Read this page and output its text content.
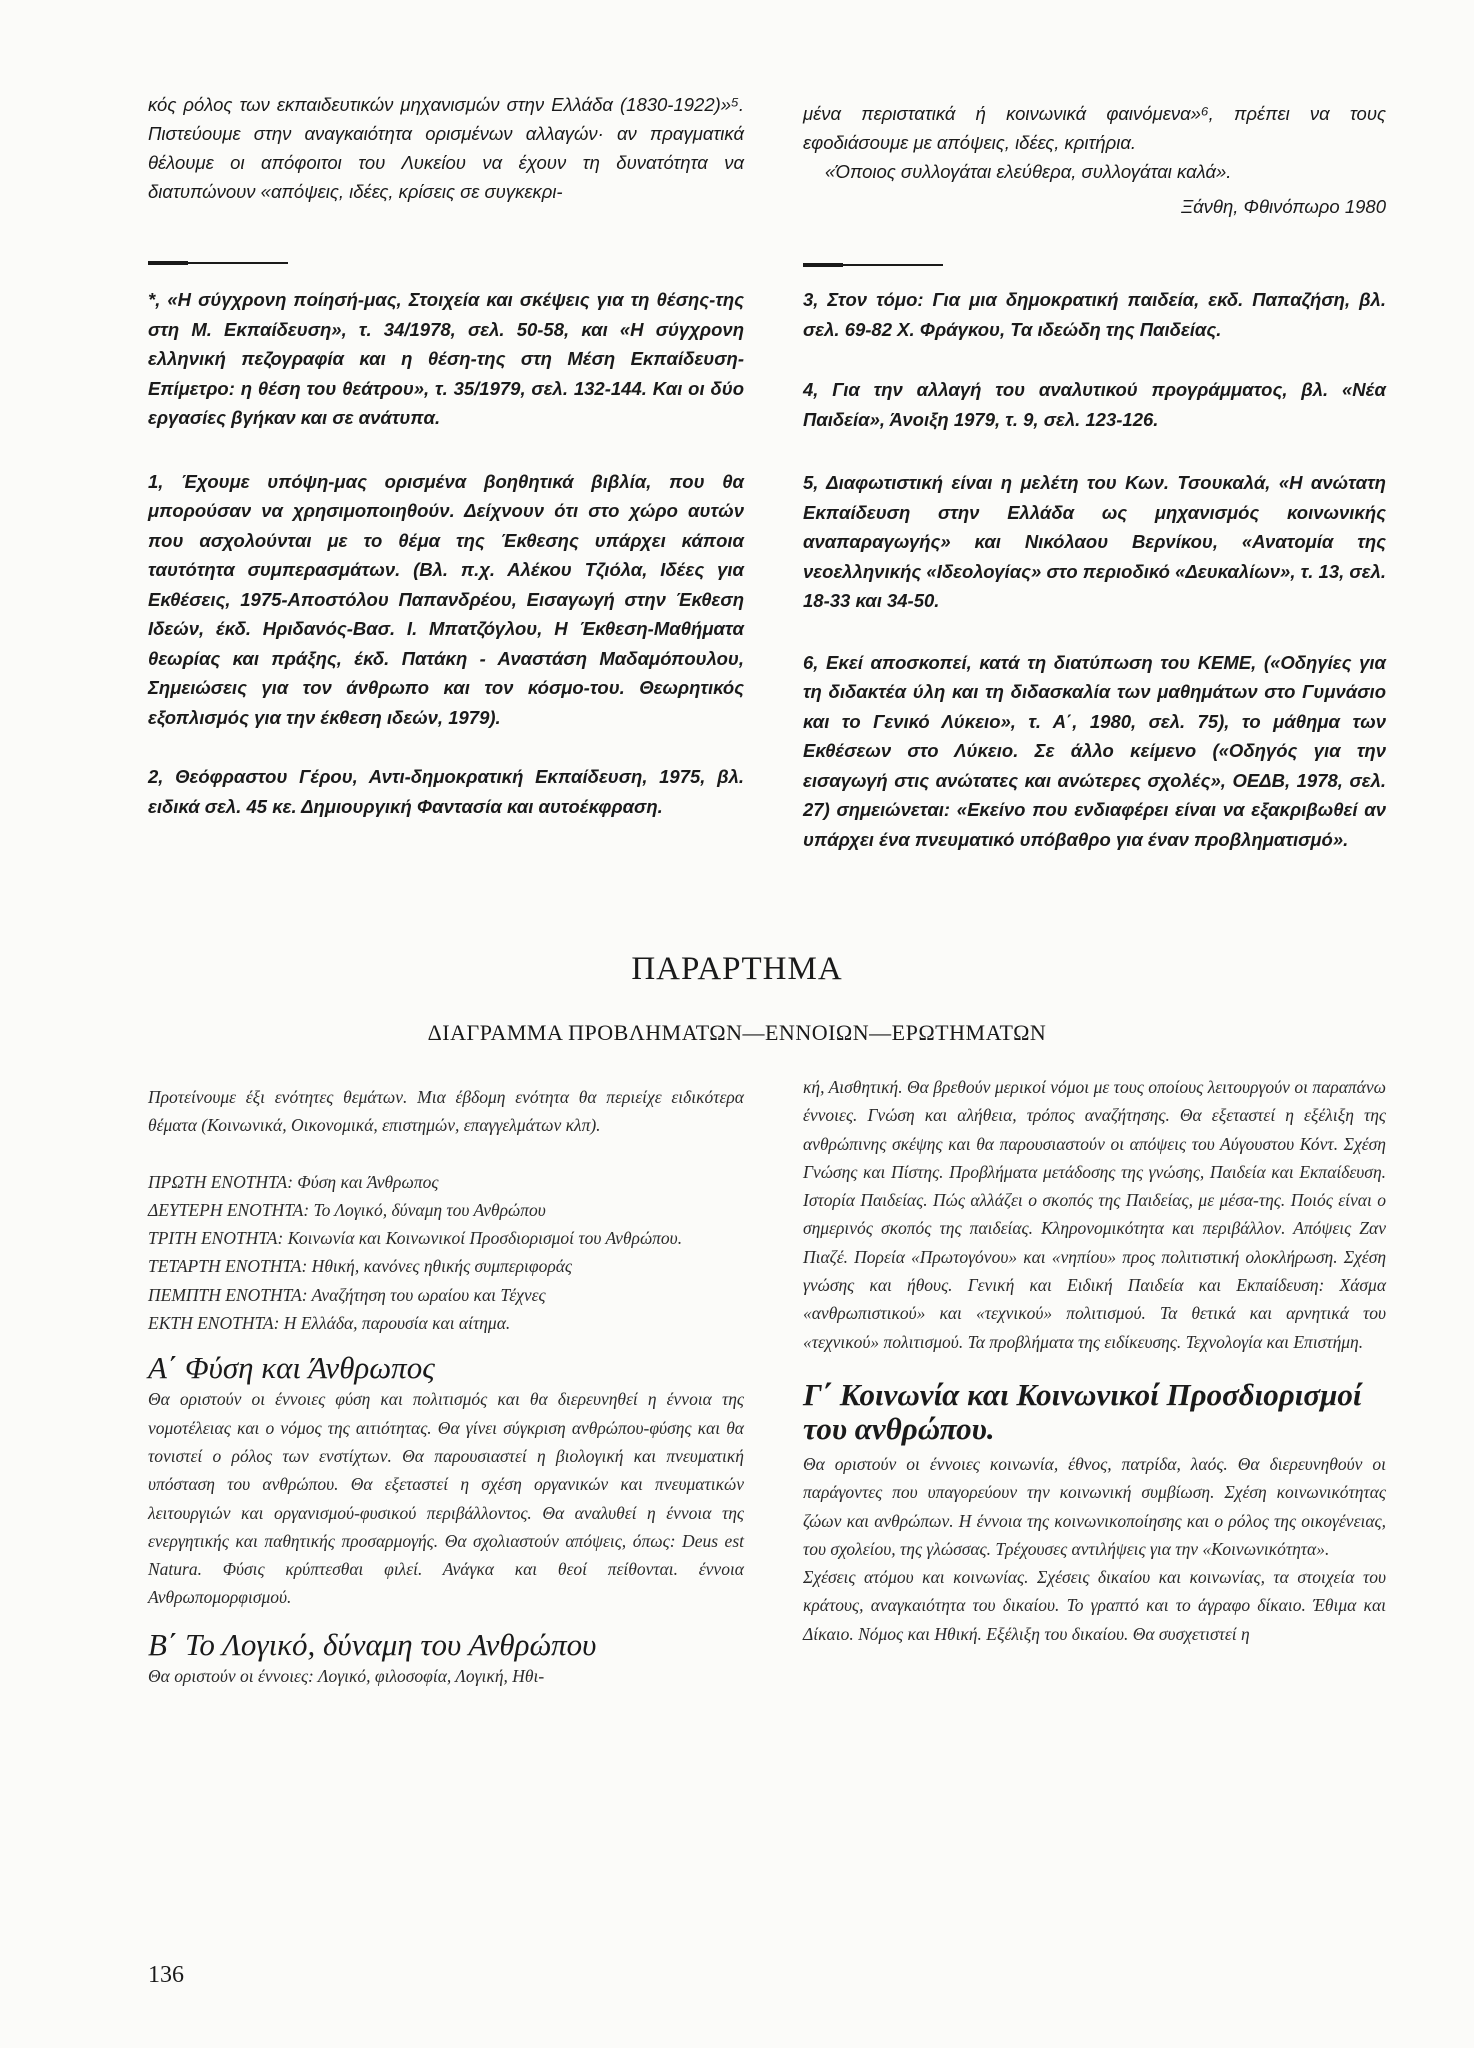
κός ρόλος των εκπαιδευτικών μηχανισμών στην Ελλάδα (1830-1922)»⁵. Πιστεύουμε στην αναγκαιότητα ορισμένων αλλαγών· αν πραγματικά θέλουμε οι απόφοιτοι του Λυκείου να έχουν τη δυνατότητα να διατυπώνουν «απόψεις, ιδέες, κρίσεις σε συγκεκρι-

μένα περιστατικά ή κοινωνικά φαινόμενα»⁶, πρέπει να τους εφοδιάσουμε με απόψεις, ιδέες, κριτήρια.

«Όποιος συλλογάται ελεύθερα, συλλογάται καλά».

Ξάνθη, Φθινόπωρο 1980

*, «Η σύγχρονη ποίησή-μας, Στοιχεία και σκέψεις για τη θέσης-της στη Μ. Εκπαίδευση», τ. 34/1978, σελ. 50-58, και «Η σύγχρονη ελληνική πεζογραφία και η θέση-της στη Μέση Εκπαίδευση-Επίμετρο: η θέση του θεάτρου», τ. 35/1979, σελ. 132-144. Και οι δύο εργασίες βγήκαν και σε ανάτυπα.

1, Έχουμε υπόψη-μας ορισμένα βοηθητικά βιβλία, που θα μπορούσαν να χρησιμοποιηθούν. Δείχνουν ότι στο χώρο αυτών που ασχολούνται με το θέμα της Έκθεσης υπάρχει κάποια ταυτότητα συμπερασμάτων. (Βλ. π.χ. Αλέκου Τζιόλα, Ιδέες για Εκθέσεις, 1975-Αποστόλου Παπανδρέου, Εισαγωγή στην Έκθεση Ιδεών, έκδ. Ηριδανός-Βασ. Ι. Μπατζόγλου, Η Έκθεση-Μαθήματα θεωρίας και πράξης, έκδ. Πατάκη - Αναστάση Μαδαμόπουλου, Σημειώσεις για τον άνθρωπο και τον κόσμο-του. Θεωρητικός εξοπλισμός για την έκθεση ιδεών, 1979).

2, Θεόφραστου Γέρου, Αντι-δημοκρατική Εκπαίδευση, 1975, βλ. ειδικά σελ. 45 κε. Δημιουργική Φαντασία και αυτοέκφραση.

3, Στον τόμο: Για μια δημοκρατική παιδεία, εκδ. Παπαζήση, βλ. σελ. 69-82 Χ. Φράγκου, Τα ιδεώδη της Παιδείας.

4, Για την αλλαγή του αναλυτικού προγράμματος, βλ. «Νέα Παιδεία», Άνοιξη 1979, τ. 9, σελ. 123-126.

5, Διαφωτιστική είναι η μελέτη του Κων. Τσουκαλά, «Η ανώτατη Εκπαίδευση στην Ελλάδα ως μηχανισμός κοινωνικής αναπαραγωγής» και Νικόλαου Βερνίκου, «Ανατομία της νεοελληνικής «Ιδεολογίας» στο περιοδικό «Δευκαλίων», τ. 13, σελ. 18-33 και 34-50.

6, Εκεί αποσκοπεί, κατά τη διατύπωση του ΚΕΜΕ, («Οδηγίες για τη διδακτέα ύλη και τη διδασκαλία των μαθημάτων στο Γυμνάσιο και το Γενικό Λύκειο», τ. Α΄, 1980, σελ. 75), το μάθημα των Εκθέσεων στο Λύκειο. Σε άλλο κείμενο («Οδηγός για την εισαγωγή στις ανώτατες και ανώτερες σχολές», ΟΕΔΒ, 1978, σελ. 27) σημειώνεται: «Εκείνο που ενδιαφέρει είναι να εξακριβωθεί αν υπάρχει ένα πνευματικό υπόβαθρο για έναν προβληματισμό».

ΠΑΡΑΡΤΗΜΑ
ΔΙΑΓΡΑΜΜΑ ΠΡΟΒΛΗΜΑΤΩΝ—ΕΝΝΟΙΩΝ—ΕΡΩΤΗΜΑΤΩΝ

Προτείνουμε έξι ενότητες θεμάτων. Μια έβδομη ενότητα θα περιείχε ειδικότερα θέματα (Κοινωνικά, Οικονομικά, επιστημών, επαγγελμάτων κλπ).

ΠΡΩΤΗ ΕΝΟΤΗΤΑ: Φύση και Άνθρωπος

ΔΕΥΤΕΡΗ ΕΝΟΤΗΤΑ: Το Λογικό, δύναμη του Ανθρώπου

ΤΡΙΤΗ ΕΝΟΤΗΤΑ: Κοινωνία και Κοινωνικοί Προσδιορισμοί του Ανθρώπου.

ΤΕΤΑΡΤΗ ΕΝΟΤΗΤΑ: Ηθική, κανόνες ηθικής συμπεριφοράς

ΠΕΜΠΤΗ ΕΝΟΤΗΤΑ: Αναζήτηση του ωραίου και Τέχνες

ΕΚΤΗ ΕΝΟΤΗΤΑ: Η Ελλάδα, παρουσία και αίτημα.

Α΄ Φύση και Άνθρωπος

Θα οριστούν οι έννοιες φύση και πολιτισμός και θα διερευνηθεί η έννοια της νομοτέλειας και ο νόμος της αιτιότητας. Θα γίνει σύγκριση ανθρώπου-φύσης και θα τονιστεί ο ρόλος των ενστίχτων. Θα παρουσιαστεί η βιολογική και πνευματική υπόσταση του ανθρώπου. Θα εξεταστεί η σχέση οργανικών και πνευματικών λειτουργιών και οργανισμού-φυσικού περιβάλλοντος. Θα αναλυθεί η έννοια της ενεργητικής και παθητικής προσαρμογής. Θα σχολιαστούν απόψεις, όπως: Deus est Natura. Φύσις κρύπτεσθαι φιλεί. Ανάγκα και θεοί πείθονται. έννοια Ανθρωπομορφισμού.

Β΄ Το Λογικό, δύναμη του Ανθρώπου

Θα οριστούν οι έννοιες: Λογικό, φιλοσοφία, Λογική, Ηθι-

κή, Αισθητική. Θα βρεθούν μερικοί νόμοι με τους οποίους λειτουργούν οι παραπάνω έννοιες. Γνώση και αλήθεια, τρόπος αναζήτησης. Θα εξεταστεί η εξέλιξη της ανθρώπινης σκέψης και θα παρουσιαστούν οι απόψεις του Αύγουστου Κόντ. Σχέση Γνώσης και Πίστης. Προβλήματα μετάδοσης της γνώσης, Παιδεία και Εκπαίδευση. Ιστορία Παιδείας. Πώς αλλάζει ο σκοπός της Παιδείας, με μέσα-της. Ποιός είναι ο σημερινός σκοπός της παιδείας. Κληρονομικότητα και περιβάλλον. Απόψεις Ζαν Πιαζέ. Πορεία «Πρωτογόνου» και «νηπίου» προς πολιτιστική ολοκλήρωση. Σχέση γνώσης και ήθους. Γενική και Ειδική Παιδεία και Εκπαίδευση: Χάσμα «ανθρωπιστικού» και «τεχνικού» πολιτισμού. Τα θετικά και αρνητικά του «τεχνικού» πολιτισμού. Τα προβλήματα της ειδίκευσης. Τεχνολογία και Επιστήμη.

Γ΄ Κοινωνία και Κοινωνικοί Προσδιορισμοί του ανθρώπου.

Θα οριστούν οι έννοιες κοινωνία, έθνος, πατρίδα, λαός. Θα διερευνηθούν οι παράγοντες που υπαγορεύουν την κοινωνική συμβίωση. Σχέση κοινωνικότητας ζώων και ανθρώπων. Η έννοια της κοινωνικοποίησης και ο ρόλος της οικογένειας, του σχολείου, της γλώσσας. Τρέχουσες αντιλήψεις για την «Κοινωνικότητα».

Σχέσεις ατόμου και κοινωνίας. Σχέσεις δικαίου και κοινωνίας, τα στοιχεία του κράτους, αναγκαιότητα του δικαίου. Το γραπτό και το άγραφο δίκαιο. Έθιμα και Δίκαιο. Νόμος και Ηθική. Εξέλιξη του δικαίου. Θα συσχετιστεί η

136
